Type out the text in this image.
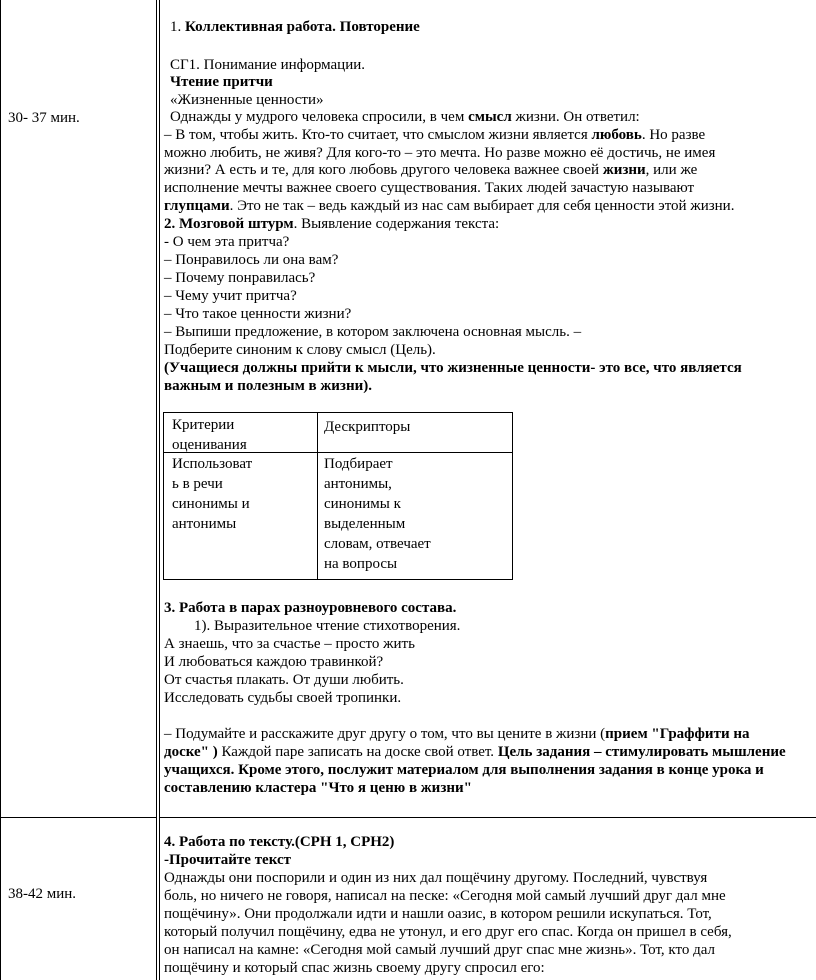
30- 37 мин.
38-42 мин.
1. Коллективная работа. Повторение
СГ1. Понимание информации.
Чтение притчи
«Жизненные ценности»
Однажды у мудрого человека спросили, в чем смысл жизни. Он ответил:
– В том, чтобы жить. Кто-то считает, что смыслом жизни является любовь. Но разве
можно любить, не живя? Для кого-то – это мечта. Но разве можно её достичь, не имея
жизни? А есть и те, для кого любовь другого человека важнее своей жизни, или же
исполнение мечты важнее своего существования. Таких людей зачастую называют
глупцами. Это не так – ведь каждый из нас сам выбирает для себя ценности этой жизни.
2. Мозговой штурм. Выявление содержания текста:
- О чем эта притча?
– Понравилось ли она вам?
– Почему понравилась?
– Чему учит притча?
– Что такое ценности жизни?
– Выпиши предложение, в котором заключена основная мысль. –
Подберите синоним к слову смысл (Цель).
(Учащиеся должны прийти к мысли, что жизненные ценности- это все, что является
важным и полезным в жизни).
3. Работа в парах разноуровневого состава.
1). Выразительное чтение стихотворения.
А знаешь, что за счастье – просто жить
И любоваться каждою травинкой?
От счастья плакать. От души любить.
Исследовать судьбы своей тропинки.
– Подумайте и расскажите друг другу о том, что вы цените в жизни (прием "Граффити на
доске" ) Каждой паре записать на доске свой ответ. Цель задания – стимулировать мышление
учащихся. Кроме этого, послужит материалом для выполнения задания в конце урока и
составлению кластера "Что я ценю в жизни"
4. Работа по тексту.(СРН 1, СРН2)
-Прочитайте текст
Однажды они поспорили и один из них дал пощёчину другому. Последний, чувствуя
боль, но ничего не говоря, написал на песке: «Сегодня мой самый лучший друг дал мне
пощёчину». Они продолжали идти и нашли оазис, в котором решили искупаться. Тот,
который получил пощёчину, едва не утонул, и его друг его спас. Когда он пришел в себя,
он написал на камне: «Сегодня мой самый лучший друг спас мне жизнь». Тот, кто дал
пощёчину и который спас жизнь своему другу спросил его:
Критерии
оценивания
Дескрипторы
Использоват
ь в речи
синонимы и
антонимы
Подбирает
антонимы,
синонимы к
выделенным
словам, отвечает
на вопросы
